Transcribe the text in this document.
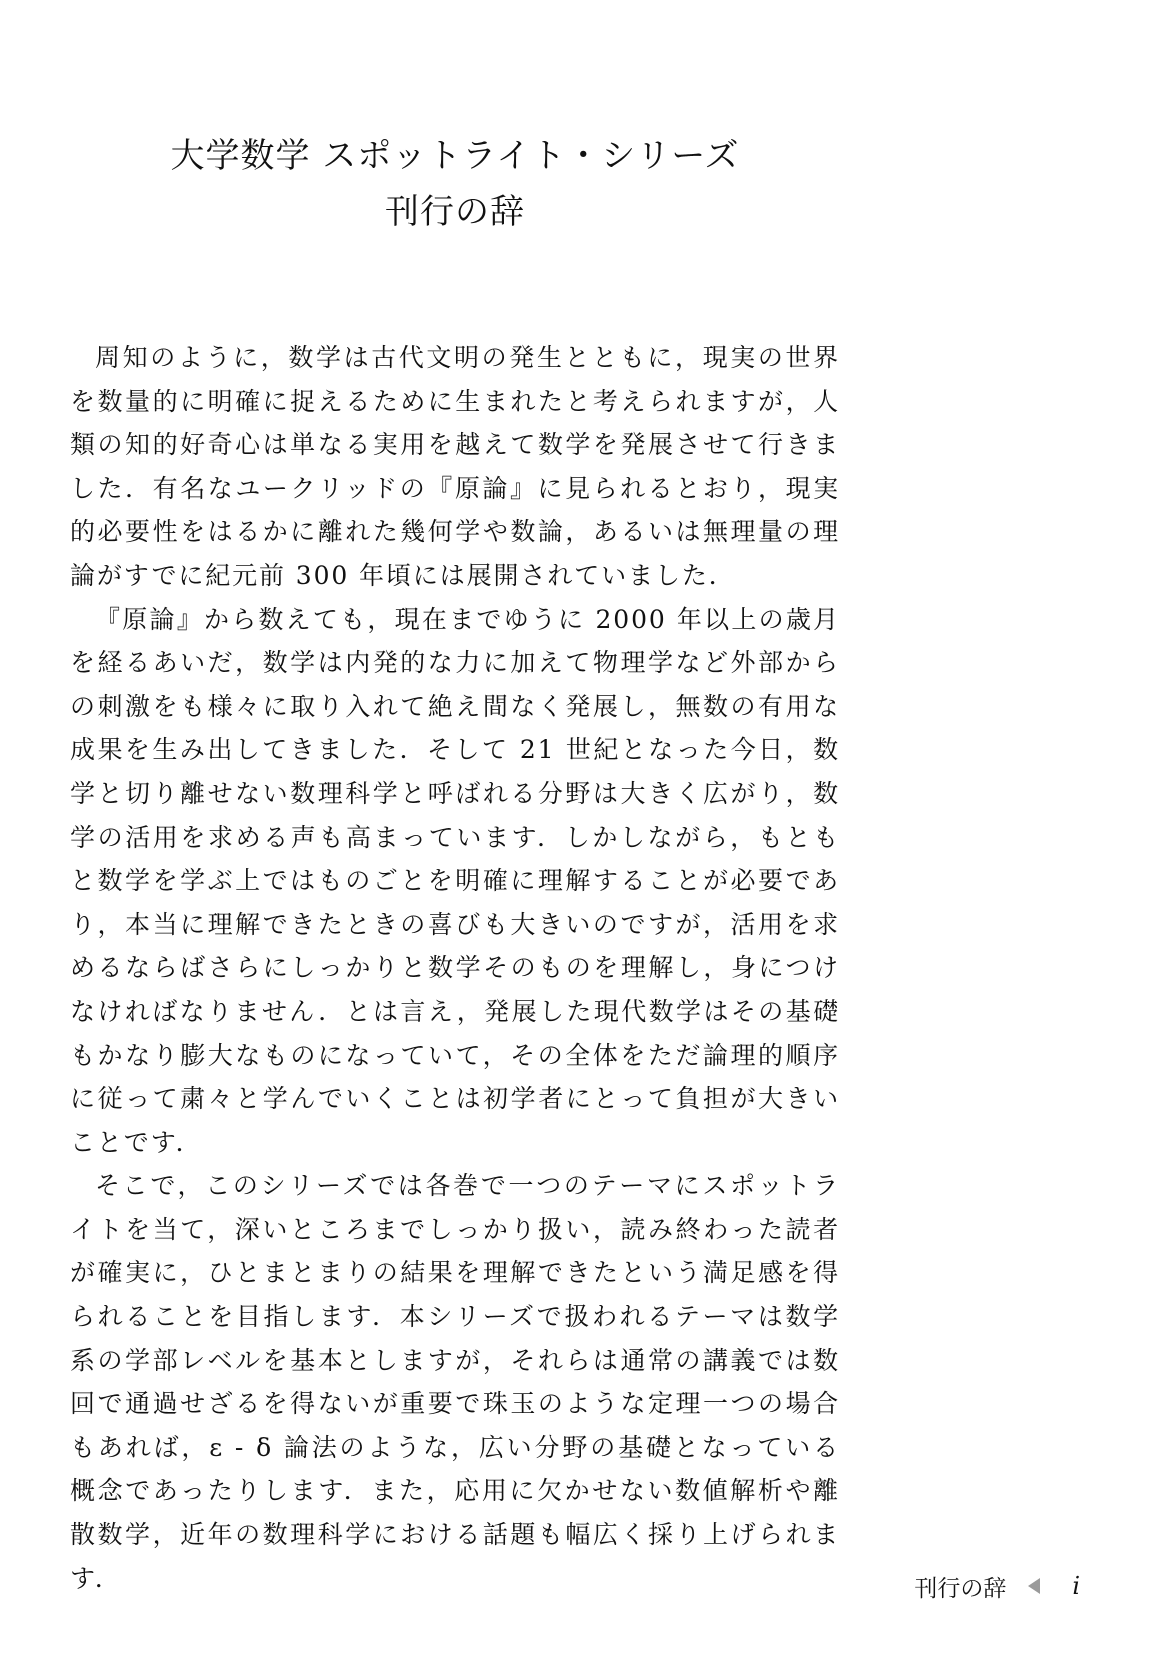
大学数学 スポットライト・シリーズ
刊行の辞

周知のように，数学は古代文明の発生とともに，現実の世界を数量的に明確に捉えるために生まれたと考えられますが，人類の知的好奇心は単なる実用を越えて数学を発展させて行きました．有名なユークリッドの『原論』に見られるとおり，現実的必要性をはるかに離れた幾何学や数論，あるいは無理量の理論がすでに紀元前 300 年頃には展開されていました．

『原論』から数えても，現在までゆうに 2000 年以上の歳月を経るあいだ，数学は内発的な力に加えて物理学など外部からの刺激をも様々に取り入れて絶え間なく発展し，無数の有用な成果を生み出してきました．そして 21 世紀となった今日，数学と切り離せない数理科学と呼ばれる分野は大きく広がり，数学の活用を求める声も高まっています．しかしながら，もともと数学を学ぶ上ではものごとを明確に理解することが必要であり，本当に理解できたときの喜びも大きいのですが，活用を求めるならばさらにしっかりと数学そのものを理解し，身につけなければなりません．とは言え，発展した現代数学はその基礎もかなり膨大なものになっていて，その全体をただ論理的順序に従って粛々と学んでいくことは初学者にとって負担が大きいことです．

そこで，このシリーズでは各巻で一つのテーマにスポットライトを当て，深いところまでしっかり扱い，読み終わった読者が確実に，ひとまとまりの結果を理解できたという満足感を得られることを目指します．本シリーズで扱われるテーマは数学系の学部レベルを基本としますが，それらは通常の講義では数回で通過せざるを得ないが重要で珠玉のような定理一つの場合もあれば，ε - δ 論法のような，広い分野の基礎となっている概念であったりします．また，応用に欠かせない数値解析や離散数学，近年の数理科学における話題も幅広く採り上げられます．	刊行の辞	i
